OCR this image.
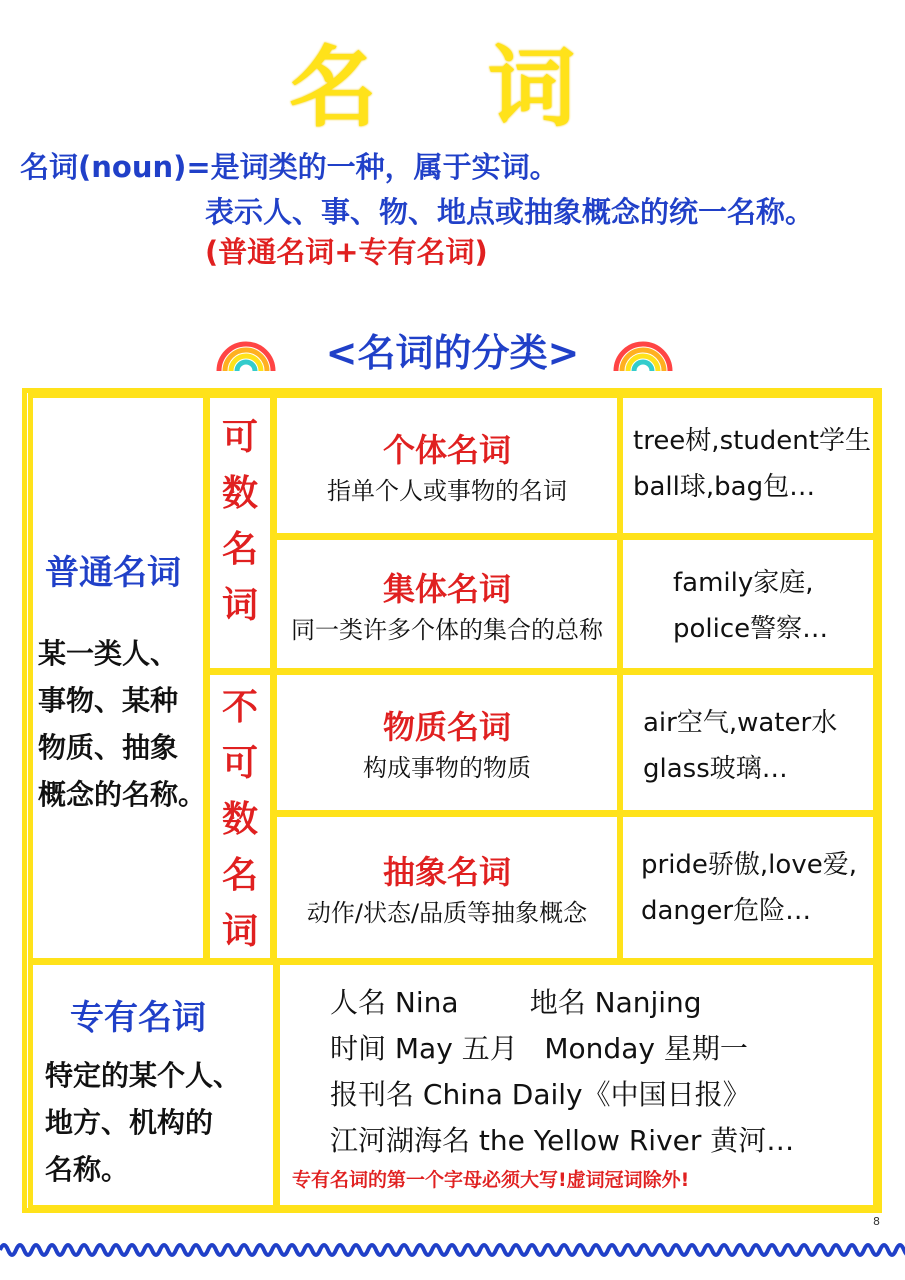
名 词
名词(noun)=是词类的一种，属于实词。
表示人、事、物、地点或抽象概念的统一名称。
(普通名词+专有名词)
<名词的分类>
普通名词
某一类人、
事物、某种
物质、抽象
概念的名称。
可
数
名
词
不
可
数
名
词
个体名词
指单个人或事物的名词
tree树,student学生
ball球,bag包…
集体名词
同一类许多个体的集合的总称
family家庭,
police警察…
物质名词
构成事物的物质
air空气,water水
glass玻璃…
抽象名词
动作/状态/品质等抽象概念
pride骄傲,love爱,
danger危险…
专有名词
特定的某个人、
地方、机构的
名称。
人名 Nina        地名 Nanjing
时间 May 五月   Monday 星期一
报刊名 China Daily《中国日报》
江河湖海名 the Yellow River 黄河…
专有名词的第一个字母必须大写!虚词冠词除外!
8
